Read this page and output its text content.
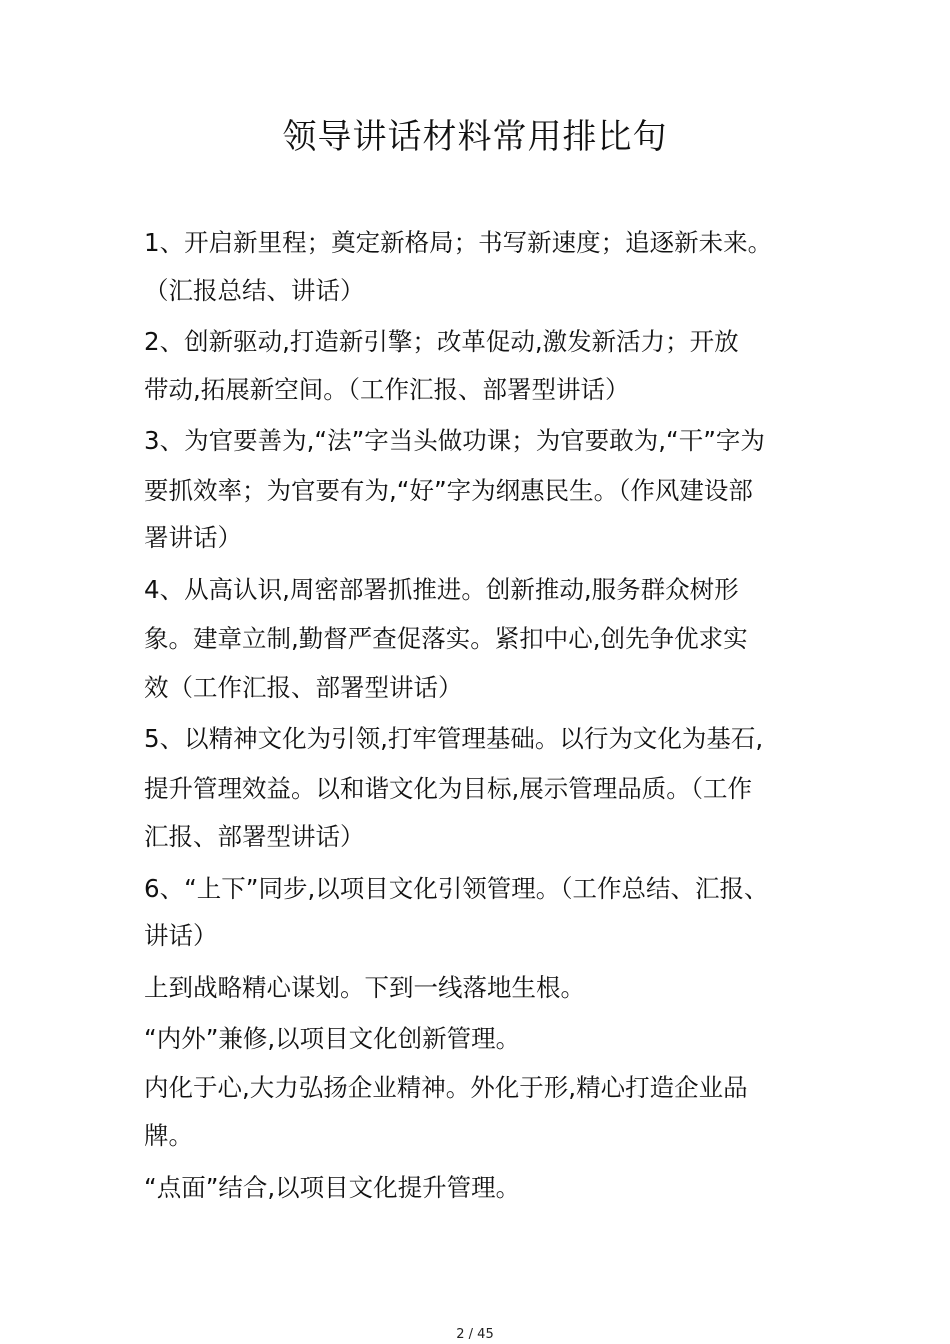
领导讲话材料常用排比句

1、开启新里程；奠定新格局；书写新速度；追逐新未来。

（汇报总结、讲话）

2、创新驱动,打造新引擎；改革促动,激发新活力；开放

带动,拓展新空间。（工作汇报、部署型讲话）

3、为官要善为,“法”字当头做功课；为官要敢为,“干”字为

要抓效率；为官要有为,“好”字为纲惠民生。（作风建设部

署讲话）

4、从高认识,周密部署抓推进。创新推动,服务群众树形

象。建章立制,勤督严查促落实。紧扣中心,创先争优求实

效（工作汇报、部署型讲话）

5、以精神文化为引领,打牢管理基础。以行为文化为基石,

提升管理效益。以和谐文化为目标,展示管理品质。（工作

汇报、部署型讲话）

6、“上下”同步,以项目文化引领管理。（工作总结、汇报、

讲话）

上到战略精心谋划。下到一线落地生根。

“内外”兼修,以项目文化创新管理。

内化于心,大力弘扬企业精神。外化于形,精心打造企业品

牌。

“点面”结合,以项目文化提升管理。

2 / 45
